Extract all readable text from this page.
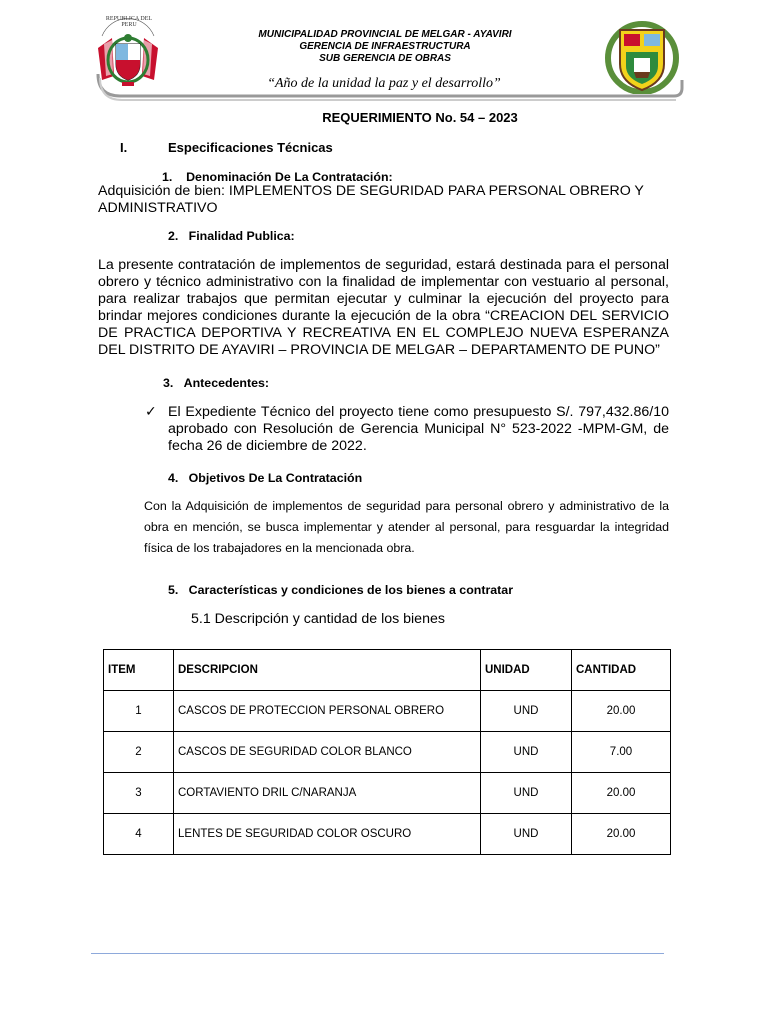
REPUBLICA DEL PERU
MUNICIPALIDAD PROVINCIAL DE MELGAR - AYAVIRI
GERENCIA DE INFRAESTRUCTURA
SUB GERENCIA DE OBRAS
“Año de la unidad la paz y el desarrollo”
REQUERIMIENTO No. 54 – 2023
I.	Especificaciones Técnicas
1.    Denominación De La Contratación:
Adquisición de bien: IMPLEMENTOS DE SEGURIDAD PARA PERSONAL OBRERO Y
ADMINISTRATIVO
2.   Finalidad Publica:
La presente contratación de implementos de seguridad, estará destinada para el personal obrero y técnico administrativo con la finalidad de implementar con vestuario al personal, para realizar trabajos que permitan ejecutar y culminar la ejecución del proyecto para brindar mejores condiciones durante la ejecución de la obra “CREACION DEL SERVICIO DE PRACTICA DEPORTIVA Y RECREATIVA EN EL COMPLEJO NUEVA ESPERANZA DEL DISTRITO DE AYAVIRI – PROVINCIA DE MELGAR – DEPARTAMENTO DE PUNO”
3.   Antecedentes:
✓ El Expediente Técnico del proyecto tiene como presupuesto S/. 797,432.86/10 aprobado con Resolución de Gerencia Municipal N° 523-2022 -MPM-GM, de fecha 26 de diciembre de 2022.
4.   Objetivos De La Contratación
Con la Adquisición de implementos de seguridad para personal obrero y administrativo de la obra en mención, se busca implementar y atender al personal, para resguardar la integridad física de los trabajadores en la mencionada obra.
5.   Características y condiciones de los bienes a contratar
5.1 Descripción y cantidad de los bienes
ITEM	DESCRIPCION	UNIDAD	CANTIDAD
1	CASCOS DE PROTECCION PERSONAL OBRERO	UND	20.00
2	CASCOS DE SEGURIDAD COLOR BLANCO	UND	7.00
3	CORTAVIENTO DRIL C/NARANJA	UND	20.00
4	LENTES DE SEGURIDAD COLOR OSCURO	UND	20.00
